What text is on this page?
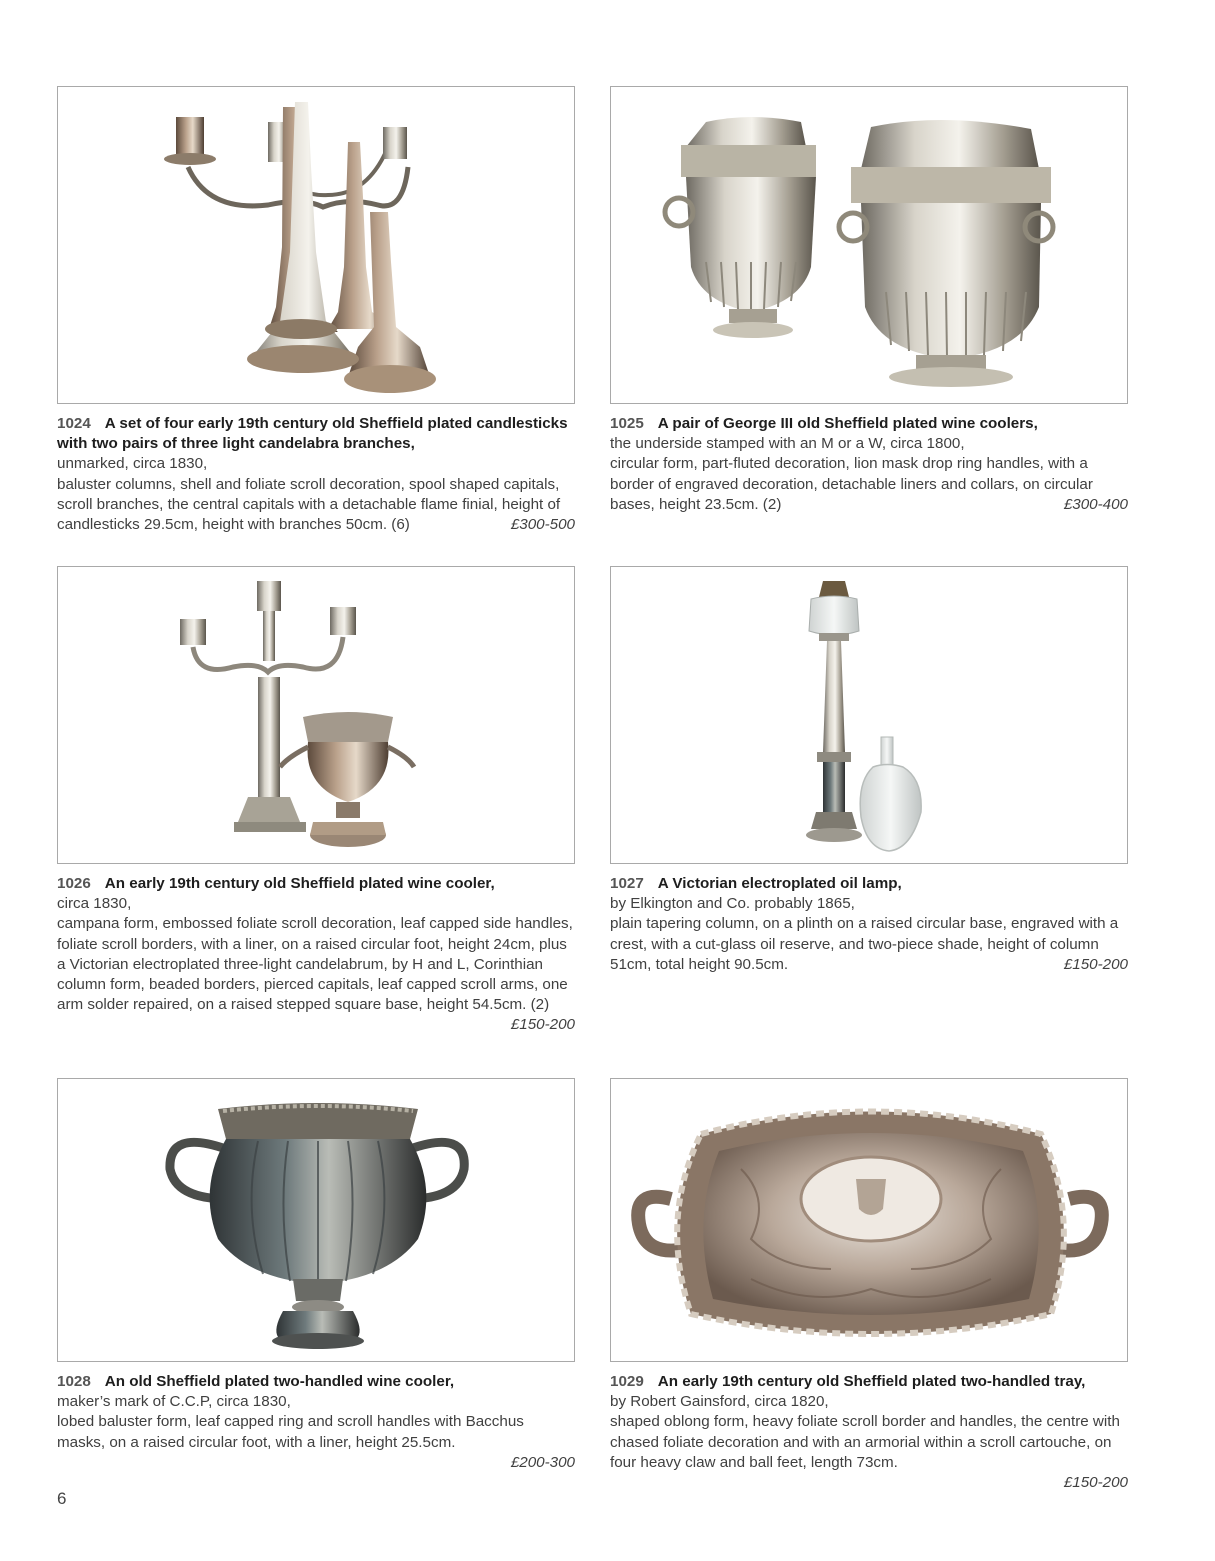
1024 A set of four early 19th century old Sheffield plated candlesticks with two pairs of three light candelabra branches,
unmarked, circa 1830,
baluster columns, shell and foliate scroll decoration, spool shaped capitals, scroll branches, the central capitals with a detachable flame finial, height of candlesticks 29.5cm, height with branches 50cm. (6)	£300-500
1025 A pair of George III old Sheffield plated wine coolers,
the underside stamped with an M or a W, circa 1800,
circular form, part-fluted decoration, lion mask drop ring handles, with a border of engraved decoration, detachable liners and collars, on circular bases, height 23.5cm. (2)	£300-400
1026 An early 19th century old Sheffield plated wine cooler,
circa 1830,
campana form, embossed foliate scroll decoration, leaf capped side handles, foliate scroll borders, with a liner, on a raised circular foot, height 24cm, plus a Victorian electroplated three-light candelabrum, by H and L, Corinthian column form, beaded borders, pierced capitals, leaf capped scroll arms, one arm solder repaired, on a raised stepped square base, height 54.5cm. (2)
£150-200
1027 A Victorian electroplated oil lamp,
by Elkington and Co. probably 1865,
plain tapering column, on a plinth on a raised circular base, engraved with a crest, with a cut-glass oil reserve, and two-piece shade, height of column 51cm, total height 90.5cm.	£150-200
1028 An old Sheffield plated two-handled wine cooler,
maker’s mark of C.C.P, circa 1830,
lobed baluster form, leaf capped ring and scroll handles with Bacchus masks, on a raised circular foot, with a liner, height 25.5cm.
£200-300
1029 An early 19th century old Sheffield plated two-handled tray,
by Robert Gainsford, circa 1820,
shaped oblong form, heavy foliate scroll border and handles, the centre with chased foliate decoration and with an armorial within a scroll cartouche, on four heavy claw and ball feet, length 73cm.
£150-200
6
